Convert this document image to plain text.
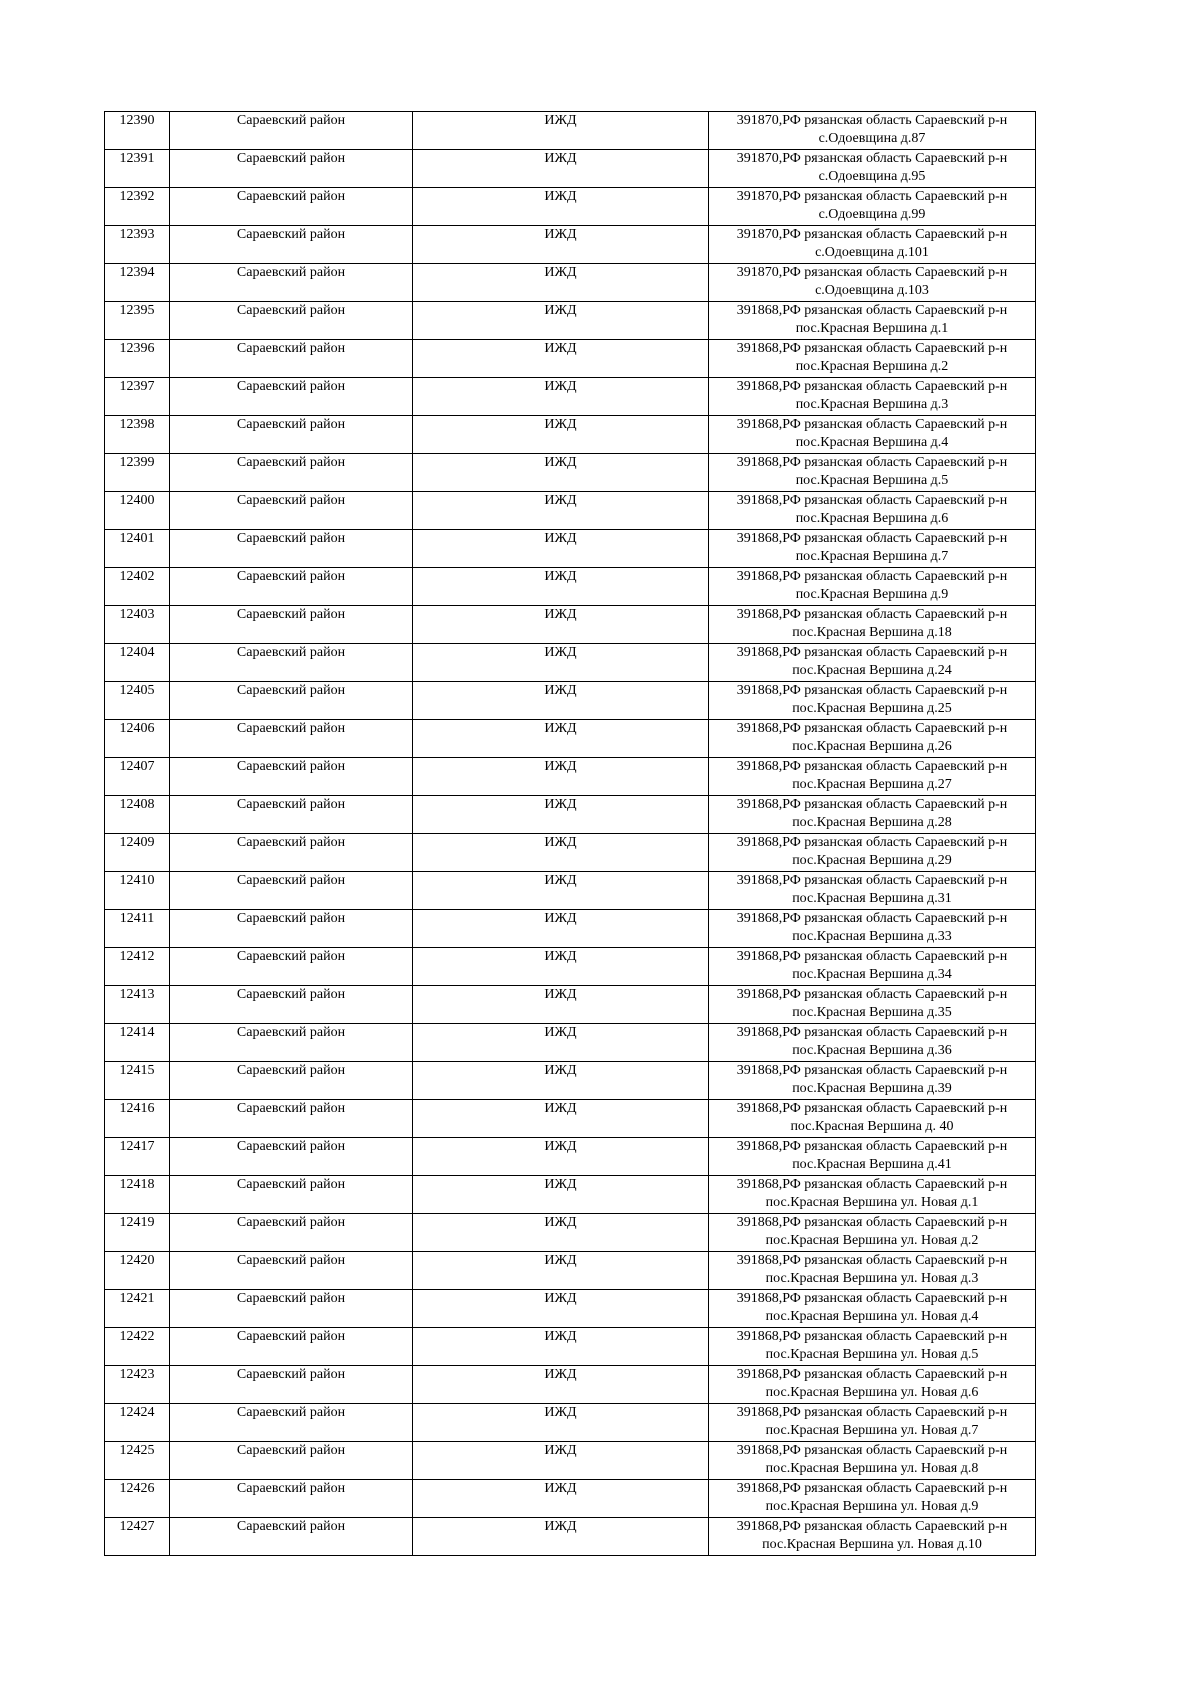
12390	Сараевский район	ИЖД	391870,РФ рязанская область Сараевский р-н
с.Одоевщина д.87

12391	Сараевский район	ИЖД	391870,РФ рязанская область Сараевский р-н
с.Одоевщина д.95

12392	Сараевский район	ИЖД	391870,РФ рязанская область Сараевский р-н
с.Одоевщина д.99

12393	Сараевский район	ИЖД	391870,РФ рязанская область Сараевский р-н
с.Одоевщина д.101

12394	Сараевский район	ИЖД	391870,РФ рязанская область Сараевский р-н
с.Одоевщина д.103

12395	Сараевский район	ИЖД	391868,РФ рязанская область Сараевский р-н
пос.Красная Вершина д.1

12396	Сараевский район	ИЖД	391868,РФ рязанская область Сараевский р-н
пос.Красная Вершина д.2

12397	Сараевский район	ИЖД	391868,РФ рязанская область Сараевский р-н
пос.Красная Вершина д.3

12398	Сараевский район	ИЖД	391868,РФ рязанская область Сараевский р-н
пос.Красная Вершина д.4

12399	Сараевский район	ИЖД	391868,РФ рязанская область Сараевский р-н
пос.Красная Вершина д.5

12400	Сараевский район	ИЖД	391868,РФ рязанская область Сараевский р-н
пос.Красная Вершина д.6

12401	Сараевский район	ИЖД	391868,РФ рязанская область Сараевский р-н
пос.Красная Вершина д.7

12402	Сараевский район	ИЖД	391868,РФ рязанская область Сараевский р-н
пос.Красная Вершина д.9

12403	Сараевский район	ИЖД	391868,РФ рязанская область Сараевский р-н
пос.Красная Вершина д.18

12404	Сараевский район	ИЖД	391868,РФ рязанская область Сараевский р-н
пос.Красная Вершина д.24

12405	Сараевский район	ИЖД	391868,РФ рязанская область Сараевский р-н
пос.Красная Вершина д.25

12406	Сараевский район	ИЖД	391868,РФ рязанская область Сараевский р-н
пос.Красная Вершина д.26

12407	Сараевский район	ИЖД	391868,РФ рязанская область Сараевский р-н
пос.Красная Вершина д.27

12408	Сараевский район	ИЖД	391868,РФ рязанская область Сараевский р-н
пос.Красная Вершина д.28

12409	Сараевский район	ИЖД	391868,РФ рязанская область Сараевский р-н
пос.Красная Вершина д.29

12410	Сараевский район	ИЖД	391868,РФ рязанская область Сараевский р-н
пос.Красная Вершина д.31

12411	Сараевский район	ИЖД	391868,РФ рязанская область Сараевский р-н
пос.Красная Вершина д.33

12412	Сараевский район	ИЖД	391868,РФ рязанская область Сараевский р-н
пос.Красная Вершина д.34

12413	Сараевский район	ИЖД	391868,РФ рязанская область Сараевский р-н
пос.Красная Вершина д.35

12414	Сараевский район	ИЖД	391868,РФ рязанская область Сараевский р-н
пос.Красная Вершина д.36

12415	Сараевский район	ИЖД	391868,РФ рязанская область Сараевский р-н
пос.Красная Вершина д.39

12416	Сараевский район	ИЖД	391868,РФ рязанская область Сараевский р-н
пос.Красная Вершина д. 40

12417	Сараевский район	ИЖД	391868,РФ рязанская область Сараевский р-н
пос.Красная Вершина д.41

12418	Сараевский район	ИЖД	391868,РФ рязанская область Сараевский р-н
пос.Красная Вершина ул. Новая д.1

12419	Сараевский район	ИЖД	391868,РФ рязанская область Сараевский р-н
пос.Красная Вершина ул. Новая д.2

12420	Сараевский район	ИЖД	391868,РФ рязанская область Сараевский р-н
пос.Красная Вершина ул. Новая д.3

12421	Сараевский район	ИЖД	391868,РФ рязанская область Сараевский р-н
пос.Красная Вершина ул. Новая д.4

12422	Сараевский район	ИЖД	391868,РФ рязанская область Сараевский р-н
пос.Красная Вершина ул. Новая д.5

12423	Сараевский район	ИЖД	391868,РФ рязанская область Сараевский р-н
пос.Красная Вершина ул. Новая д.6

12424	Сараевский район	ИЖД	391868,РФ рязанская область Сараевский р-н
пос.Красная Вершина ул. Новая д.7

12425	Сараевский район	ИЖД	391868,РФ рязанская область Сараевский р-н
пос.Красная Вершина ул. Новая д.8

12426	Сараевский район	ИЖД	391868,РФ рязанская область Сараевский р-н
пос.Красная Вершина ул. Новая д.9

12427	Сараевский район	ИЖД	391868,РФ рязанская область Сараевский р-н
пос.Красная Вершина ул. Новая д.10
